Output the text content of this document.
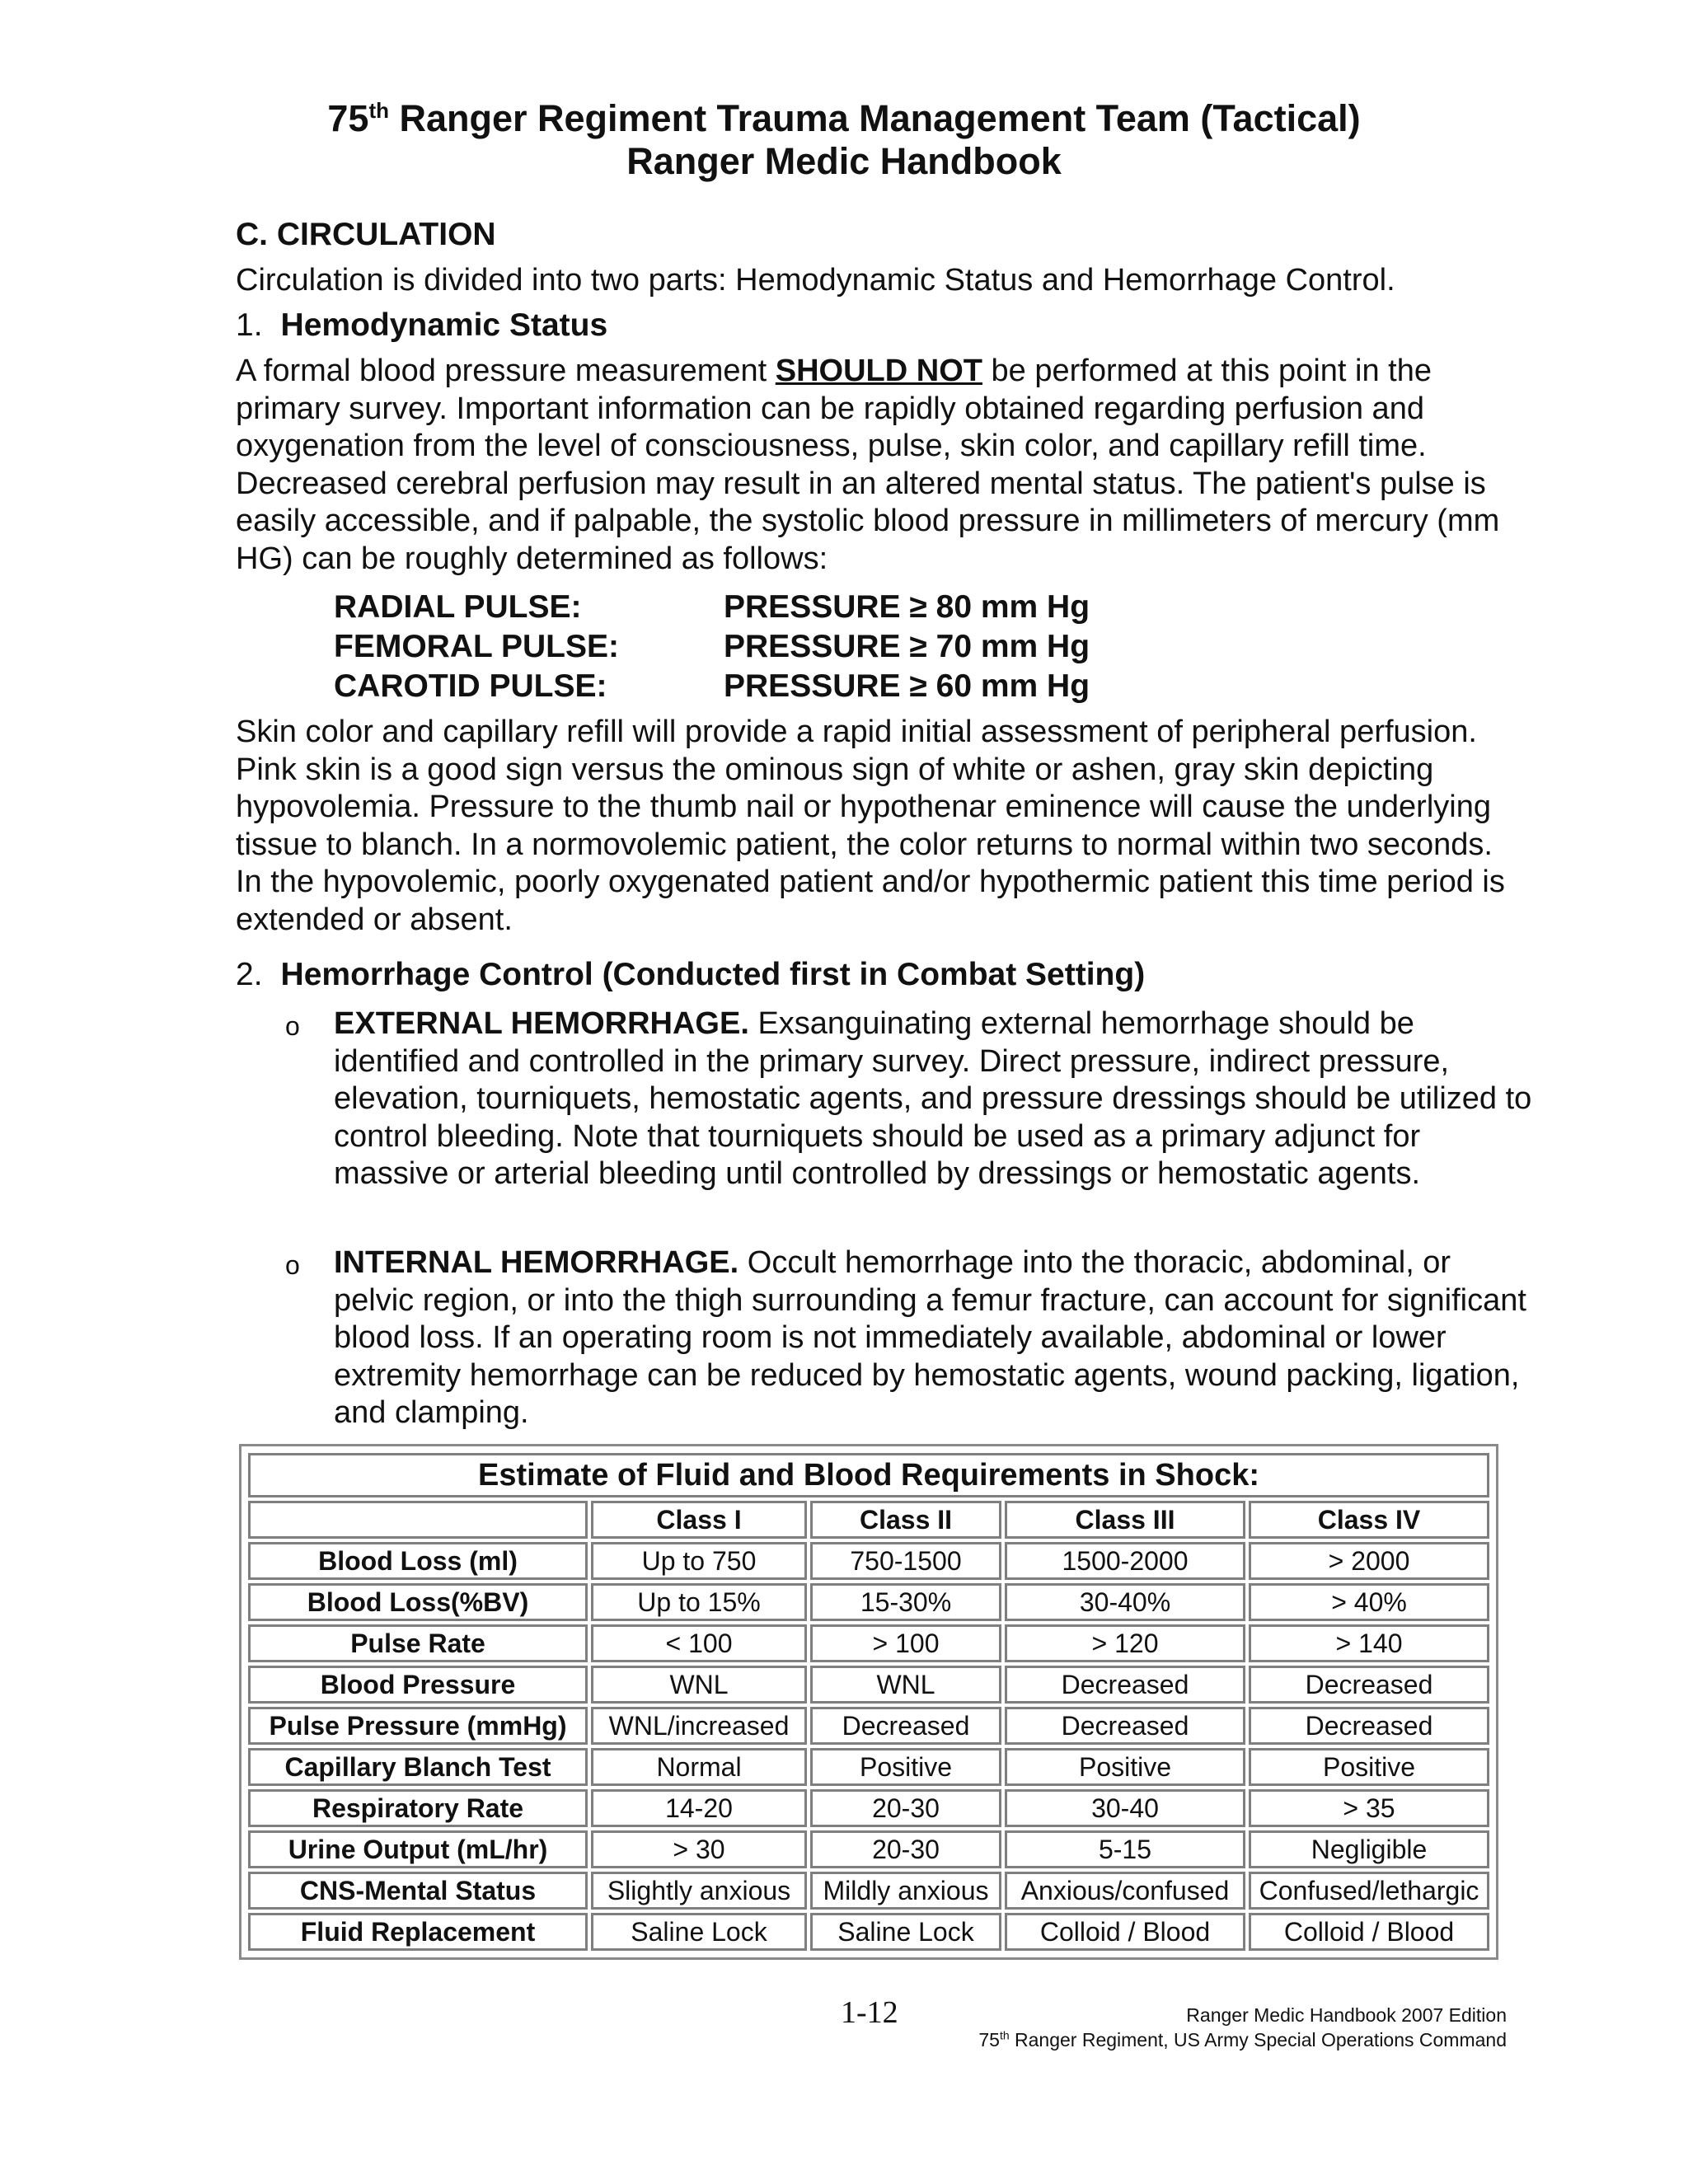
75th Ranger Regiment Trauma Management Team (Tactical)
Ranger Medic Handbook
C. CIRCULATION
Circulation is divided into two parts: Hemodynamic Status and Hemorrhage Control.
1. Hemodynamic Status
A formal blood pressure measurement SHOULD NOT be performed at this point in the primary survey. Important information can be rapidly obtained regarding perfusion and oxygenation from the level of consciousness, pulse, skin color, and capillary refill time. Decreased cerebral perfusion may result in an altered mental status. The patient's pulse is easily accessible, and if palpable, the systolic blood pressure in millimeters of mercury (mm HG) can be roughly determined as follows:
RADIAL PULSE:	PRESSURE ≥ 80 mm Hg
FEMORAL PULSE:	PRESSURE ≥ 70 mm Hg
CAROTID PULSE:	PRESSURE ≥ 60 mm Hg
Skin color and capillary refill will provide a rapid initial assessment of peripheral perfusion. Pink skin is a good sign versus the ominous sign of white or ashen, gray skin depicting hypovolemia. Pressure to the thumb nail or hypothenar eminence will cause the underlying tissue to blanch. In a normovolemic patient, the color returns to normal within two seconds. In the hypovolemic, poorly oxygenated patient and/or hypothermic patient this time period is extended or absent.
2. Hemorrhage Control (Conducted first in Combat Setting)
o EXTERNAL HEMORRHAGE. Exsanguinating external hemorrhage should be identified and controlled in the primary survey. Direct pressure, indirect pressure, elevation, tourniquets, hemostatic agents, and pressure dressings should be utilized to control bleeding. Note that tourniquets should be used as a primary adjunct for massive or arterial bleeding until controlled by dressings or hemostatic agents.
o INTERNAL HEMORRHAGE. Occult hemorrhage into the thoracic, abdominal, or pelvic region, or into the thigh surrounding a femur fracture, can account for significant blood loss. If an operating room is not immediately available, abdominal or lower extremity hemorrhage can be reduced by hemostatic agents, wound packing, ligation, and clamping.
Estimate of Fluid and Blood Requirements in Shock:				
	Class I	Class II	Class III	Class IV
Blood Loss (ml)	Up to 750	750-1500	1500-2000	> 2000
Blood Loss(%BV)	Up to 15%	15-30%	30-40%	> 40%
Pulse Rate	< 100	> 100	> 120	> 140
Blood Pressure	WNL	WNL	Decreased	Decreased
Pulse Pressure (mmHg)	WNL/increased	Decreased	Decreased	Decreased
Capillary Blanch Test	Normal	Positive	Positive	Positive
Respiratory Rate	14-20	20-30	30-40	> 35
Urine Output (mL/hr)	> 30	20-30	5-15	Negligible
CNS-Mental Status	Slightly anxious	Mildly anxious	Anxious/confused	Confused/lethargic
Fluid Replacement	Saline Lock	Saline Lock	Colloid / Blood	Colloid / Blood
1-12	Ranger Medic Handbook 2007 Edition
75th Ranger Regiment, US Army Special Operations Command
